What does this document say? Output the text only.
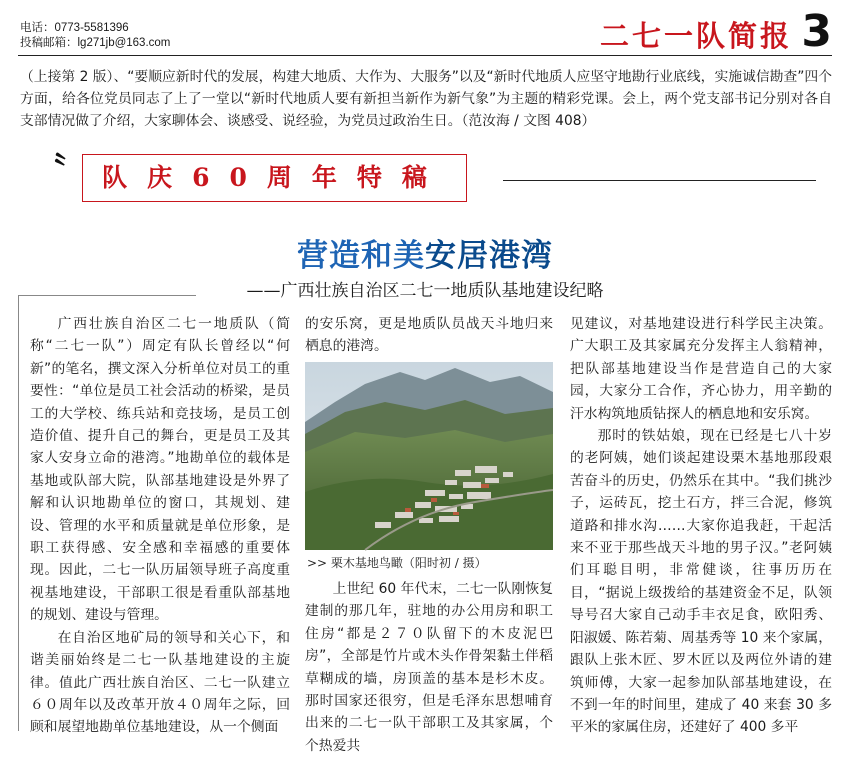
电话：0773-5581396
投稿邮箱：lg271jb@163.com	二七一队简报 3
（上接第 2 版）、“要顺应新时代的发展，构建大地质、大作为、大服务”以及“新时代地质人应坚守地勘行业底线，实施诚信勘查”四个方面，给各位党员同志了上了一堂以“新时代地质人要有新担当新作为新气象”为主题的精彩党课。会上，两个党支部书记分别对各自支部情况做了介绍，大家聊体会、谈感受、说经验，为党员过政治生日。（范汝海 / 文图 408）
〝	队庆60周年特稿
营造和美安居港湾
——广西壮族自治区二七一地质队基地建设纪略

广西壮族自治区二七一地质队（简称“二七一队”）周定有队长曾经以“何新”的笔名，撰文深入分析单位对员工的重要性：“单位是员工社会活动的桥梁，是员工的大学校、练兵站和竞技场，是员工创造价值、提升自己的舞台，更是员工及其家人安身立命的港湾。”地勘单位的载体是基地或队部大院，队部基地建设是外界了解和认识地勘单位的窗口，其规划、建设、管理的水平和质量就是单位形象，是职工获得感、安全感和幸福感的重要体现。因此，二七一队历届领导班子高度重视基地建设，干部职工很是看重队部基地的规划、建设与管理。

在自治区地矿局的领导和关心下，和谐美丽始终是二七一队基地建设的主旋律。值此广西壮族自治区、二七一队建立６０周年以及改革开放４０周年之际，回顾和展望地勘单位基地建设，从一个侧面

的安乐窝，更是地质队员战天斗地归来栖息的港湾。

>> 栗木基地鸟瞰（阳时初 / 摄）

上世纪 60 年代末，二七一队刚恢复建制的那几年，驻地的办公用房和职工住房“都是２７０队留下的木皮泥巴房”，全部是竹片或木头作骨架黏土伴稻草糊成的墙，房顶盖的基本是杉木皮。那时国家还很穷，但是毛泽东思想哺育出来的二七一队干部职工及其家属，个个热爱共

见建议，对基地建设进行科学民主决策。广大职工及其家属充分发挥主人翁精神，把队部基地建设当作是营造自己的大家园，大家分工合作，齐心协力，用辛勤的汗水构筑地质钻探人的栖息地和安乐窝。

那时的铁姑娘，现在已经是七八十岁的老阿姨，她们谈起建设栗木基地那段艰苦奋斗的历史，仍然乐在其中。“我们挑沙子，运砖瓦，挖土石方，拌三合泥，修筑道路和排水沟……大家你追我赶，干起活来不亚于那些战天斗地的男子汉。”老阿姨们耳聪目明，非常健谈，往事历历在目，“据说上级拨给的基建资金不足，队领导号召大家自己动手丰衣足食，欧阳秀、阳淑媛、陈若菊、周基秀等 10 来个家属，跟队上张木匠、罗木匠以及两位外请的建筑师傅，大家一起参加队部基地建设，在不到一年的时间里，建成了 40 来套 30 多平米的家属住房，还建好了 400 多平
